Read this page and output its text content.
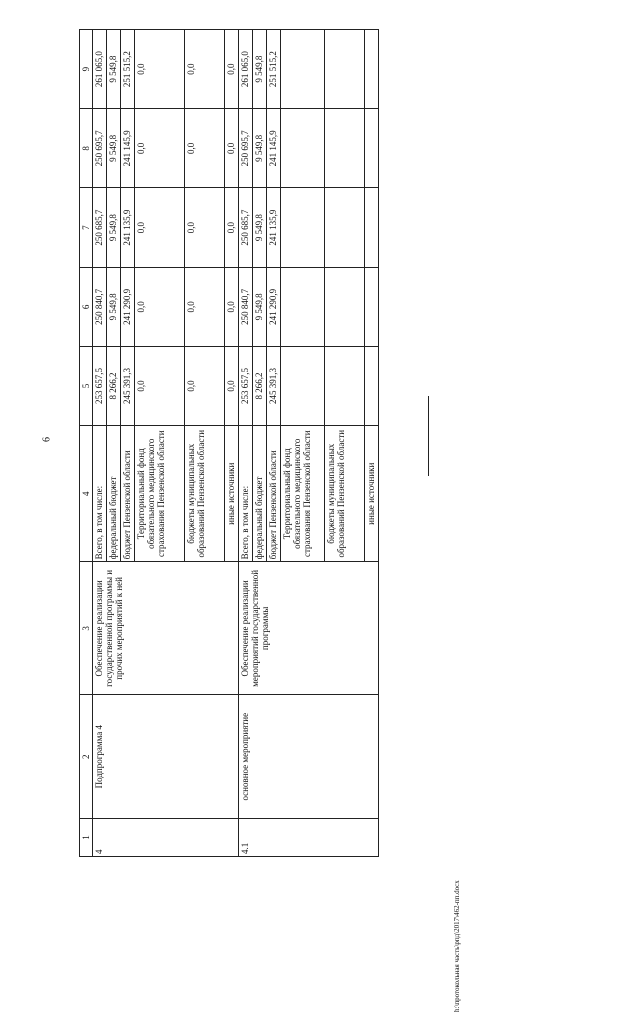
6
1	2	3	4	5	6	7	8	9
4	Подпрограмма 4	Обеспечение реализации государственной программы и прочих мероприятий к ней	Всего, в том числе:	253 657,5	250 840,7	250 685,7	250 695,7	261 065,0
			федеральный бюджет	8 266,2	9 549,8	9 549,8	9 549,8	9 549,8
			бюджет Пензенской области	245 391,3	241 290,9	241 135,9	241 145,9	251 515,2
			Территориальный фонд обязательного медицинского страхования Пензенской области	0,0	0,0	0,0	0,0	0,0
			бюджеты муниципальных образований Пензенской области	0,0	0,0	0,0	0,0	0,0
			иные источники	0,0	0,0	0,0	0,0	0,0
4.1	основное мероприятие	Обеспечение реализации мероприятий государственной программы	Всего, в том числе:	253 657,5	250 840,7	250 685,7	250 695,7	261 065,0
			федеральный бюджет	8 266,2	9 549,8	9 549,8	9 549,8	9 549,8
			бюджет Пензенской области	245 391,3	241 290,9	241 135,9	241 145,9	251 515,2
			Территориальный фонд обязательного медицинского страхования Пензенской области					
			бюджеты муниципальных образований Пензенской области					
			иные источники					
h:\протокольная часть\рпд\2017\462-пп.docx
